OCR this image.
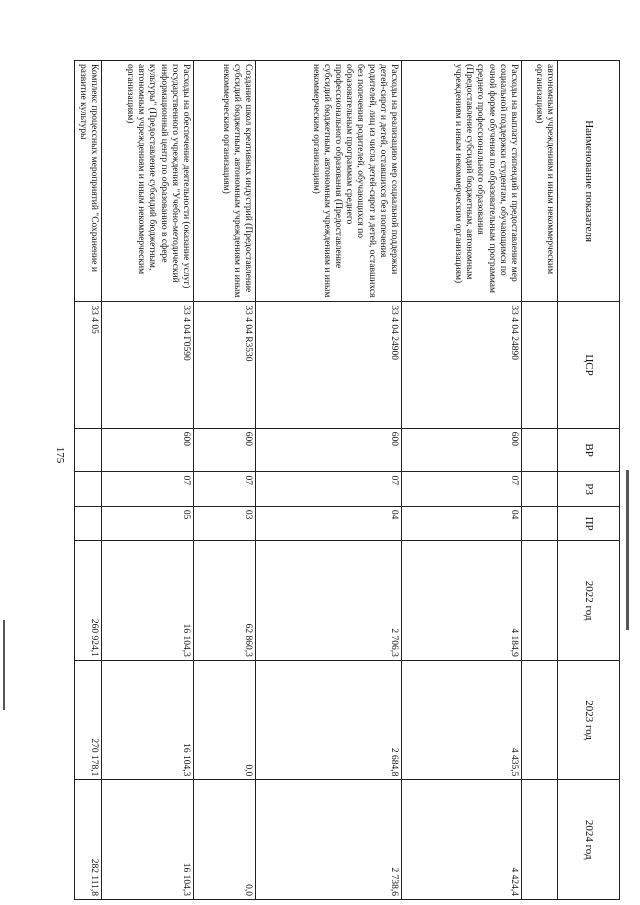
175
Наименование показателя	ЦСР	ВР	РЗ	ПР	2022 год	2023 год	2024 год
автономным учреждениям и иным некоммерческим организациям)							
Расходы на выплату стипендий и предоставление мер социальной поддержки студентам, обучающимся по очной форме обучения по образовательным программам среднего профессионального образования (Предоставление субсидий бюджетным, автономным учреждениям и иным некоммерческим организациям)	33 4 04 24890	600	07	04	4 184,9	4 435,5	4 424,4
Расходы на реализацию мер социальной поддержки детей-сирот и детей, оставшихся без попечения родителей, лиц из числа детей-сирот и детей, оставшихся без попечения родителей, обучающихся по образовательным программам среднего профессионального образования (Предоставление субсидий бюджетным, автономным учреждениям и иным некоммерческим организациям)	33 4 04 24900	600	07	04	2 706,3	2 684,8	2 738,6
Создание школ креативных индустрий (Предоставление субсидий бюджетным, автономным учреждениям и иным некоммерческим организациям)	33 4 04 R3530	600	07	03	62 860,3	0,0	0,0
Расходы на обеспечение деятельности (оказание услуг) государственного учреждения "Учебно-методический информационный центр по образованию в сфере культуры" (Предоставление субсидий бюджетным, автономным учреждениям и иным некоммерческим организациям)	33 4 04 Г0590	600	07	05	16 104,3	16 104,3	16 104,3
Комплекс процессных мероприятий "Сохранение и развитие культуры	33 4 05				260 924,1	270 178,1	282 111,8
